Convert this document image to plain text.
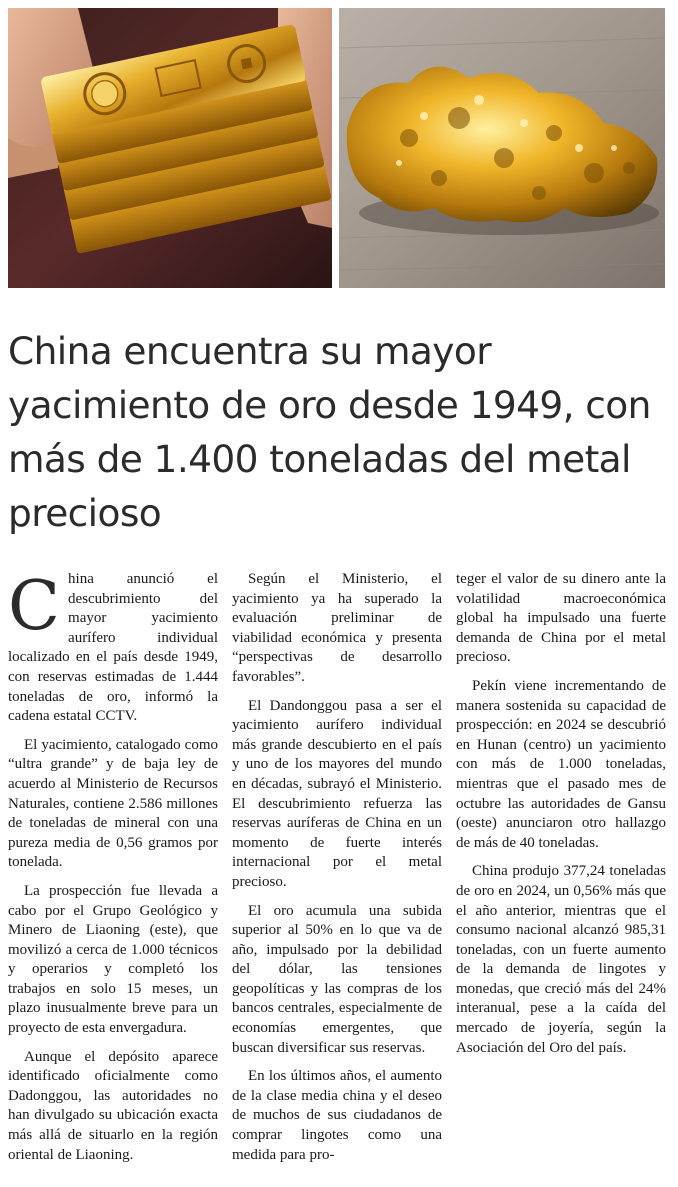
China encuentra su mayor yacimiento de oro desde 1949, con más de 1.400 toneladas del metal precioso

China anunció el descubrimiento del mayor yacimiento aurífero individual localizado en el país desde 1949, con reservas estimadas de 1.444 toneladas de oro, informó la cadena estatal CCTV.

El yacimiento, catalogado como “ultra grande” y de baja ley de acuerdo al Ministerio de Recursos Naturales, contiene 2.586 millones de toneladas de mineral con una pureza media de 0,56 gramos por tonelada.

La prospección fue llevada a cabo por el Grupo Geológico y Minero de Liaoning (este), que movilizó a cerca de 1.000 técnicos y operarios y completó los trabajos en solo 15 meses, un plazo inusualmente breve para un proyecto de esta envergadura.

Aunque el depósito aparece identificado oficialmente como Dadonggou, las autoridades no han divulgado su ubicación exacta más allá de situarlo en la región oriental de Liaoning.

Según el Ministerio, el yacimiento ya ha superado la evaluación preliminar de viabilidad económica y presenta “perspectivas de desarrollo favorables”.

El Dandonggou pasa a ser el yacimiento aurífero individual más grande descubierto en el país y uno de los mayores del mundo en décadas, subrayó el Ministerio. El descubrimiento refuerza las reservas auríferas de China en un momento de fuerte interés internacional por el metal precioso.

El oro acumula una subida superior al 50% en lo que va de año, impulsado por la debilidad del dólar, las tensiones geopolíticas y las compras de los bancos centrales, especialmente de economías emergentes, que buscan diversificar sus reservas.

En los últimos años, el aumento de la clase media china y el deseo de muchos de sus ciudadanos de comprar lingotes como una medida para pro-

teger el valor de su dinero ante la volatilidad macroeconómica global ha impulsado una fuerte demanda de China por el metal precioso.

Pekín viene incrementando de manera sostenida su capacidad de prospección: en 2024 se descubrió en Hunan (centro) un yacimiento con más de 1.000 toneladas, mientras que el pasado mes de octubre las autoridades de Gansu (oeste) anunciaron otro hallazgo de más de 40 toneladas.

China produjo 377,24 toneladas de oro en 2024, un 0,56% más que el año anterior, mientras que el consumo nacional alcanzó 985,31 toneladas, con un fuerte aumento de la demanda de lingotes y monedas, que creció más del 24% interanual, pese a la caída del mercado de joyería, según la Asociación del Oro del país.
